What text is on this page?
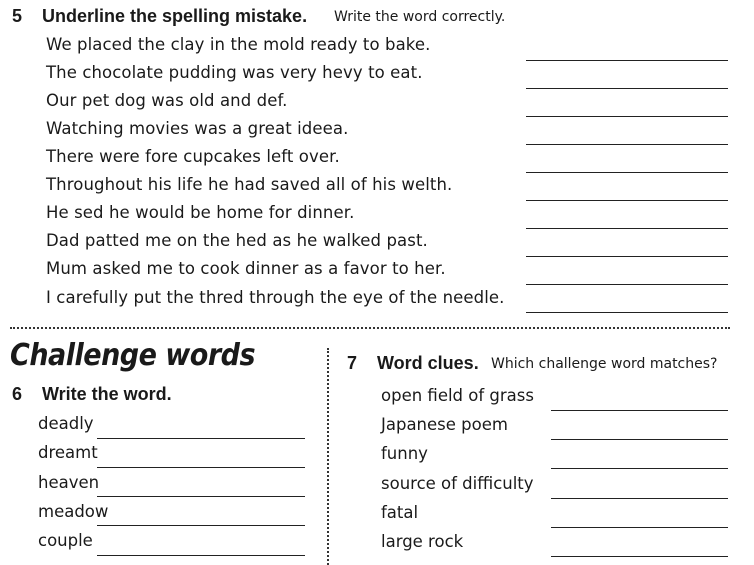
5 Underline the spelling mistake. Write the word correctly.
We placed the clay in the mold ready to bake.
The chocolate pudding was very hevy to eat.
Our pet dog was old and def.
Watching movies was a great ideea.
There were fore cupcakes left over.
Throughout his life he had saved all of his welth.
He sed he would be home for dinner.
Dad patted me on the hed as he walked past.
Mum asked me to cook dinner as a favor to her.
I carefully put the thred through the eye of the needle.
Challenge words
6 Write the word.
deadly
dreamt
heaven
meadow
couple
7 Word clues. Which challenge word matches?
open field of grass
Japanese poem
funny
source of difficulty
fatal
large rock
